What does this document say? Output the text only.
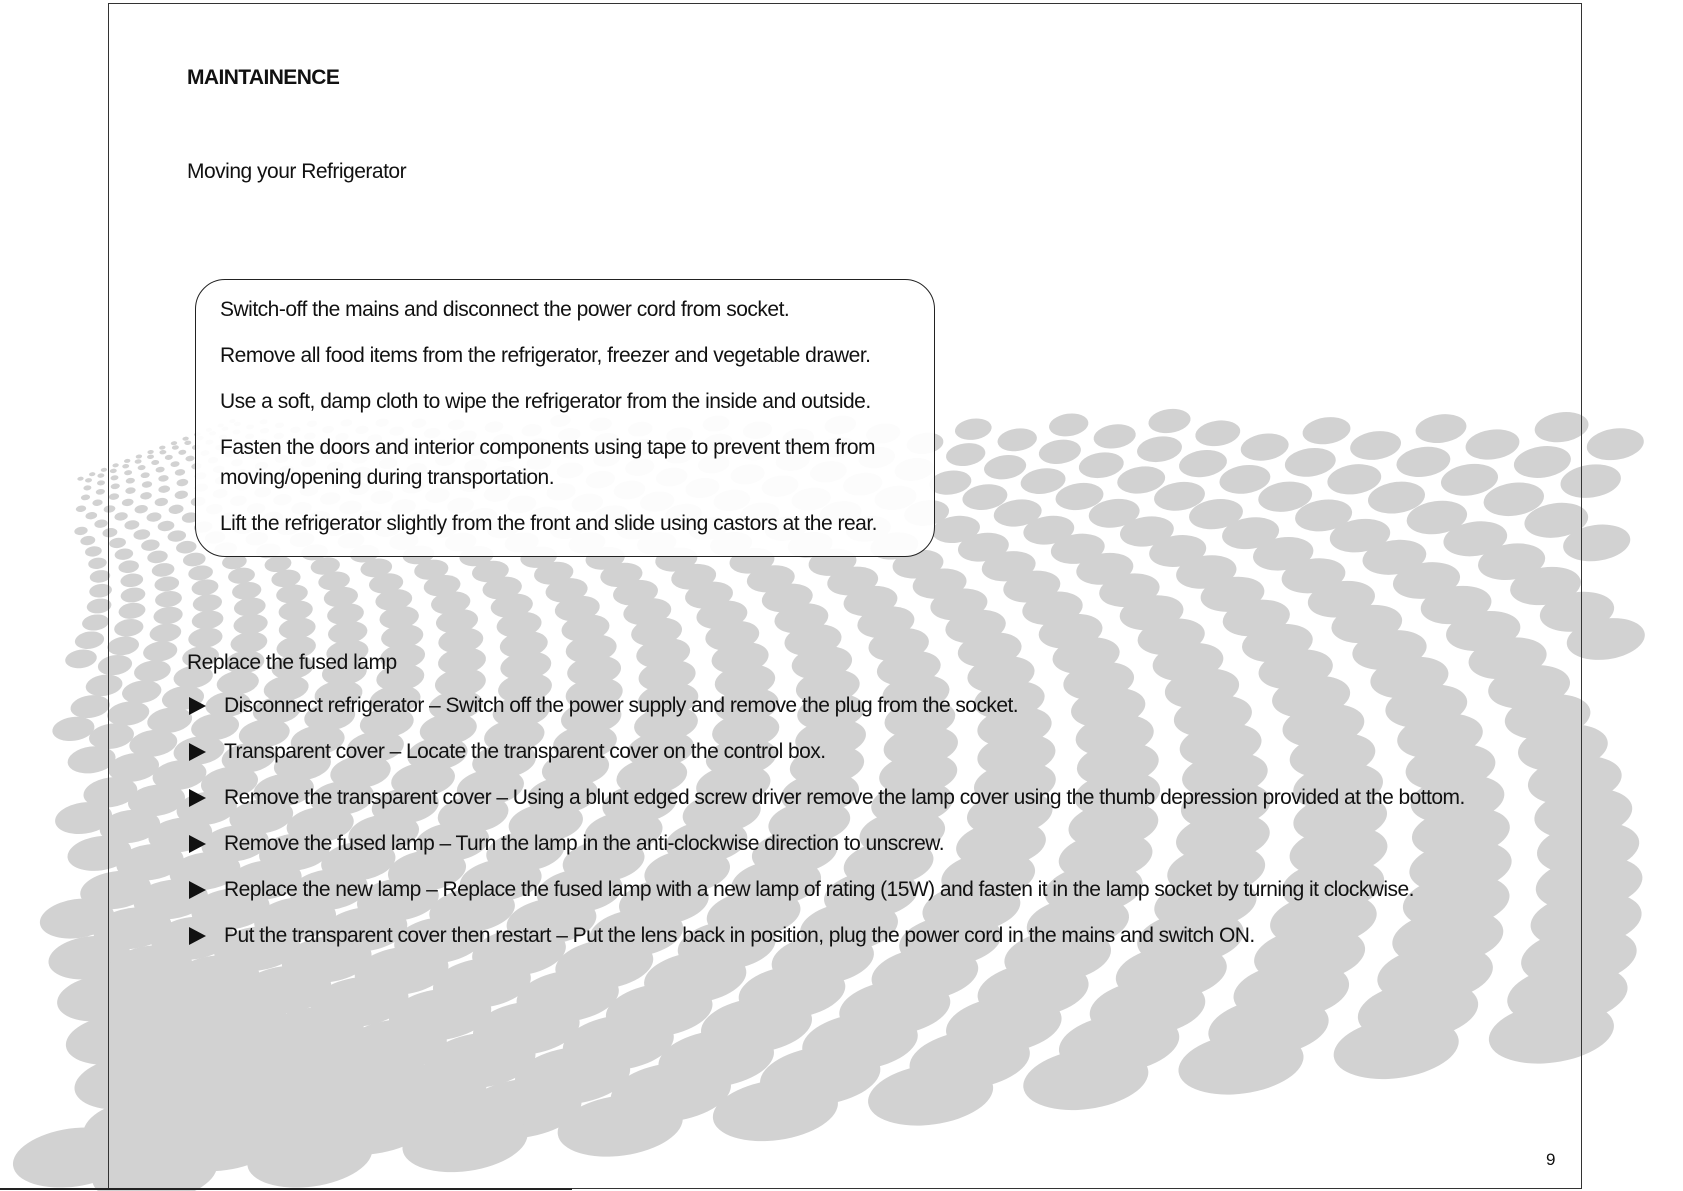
MAINTAINENCE
Moving your Refrigerator
Switch-off the mains and disconnect the power cord from socket.
Remove all food items from the refrigerator, freezer and vegetable drawer.
Use a soft, damp cloth to wipe the refrigerator from the inside and outside.
Fasten the doors and interior components using tape to prevent them from
moving/opening during transportation.
Lift the refrigerator slightly from the front and slide using castors at the rear.
Replace the fused lamp
Disconnect refrigerator – Switch off the power supply and remove the plug from the socket.
Transparent cover – Locate the transparent cover on the control box.
Remove the transparent cover – Using a blunt edged screw driver remove the lamp cover using the thumb depression provided at the bottom.
Remove the fused lamp – Turn the lamp in the anti-clockwise direction to unscrew.
Replace the new lamp – Replace the fused lamp with a new lamp of rating (15W) and fasten it in the lamp socket by turning it clockwise.
Put the transparent cover then restart – Put the lens back in position, plug the power cord in the mains and switch ON.
9
